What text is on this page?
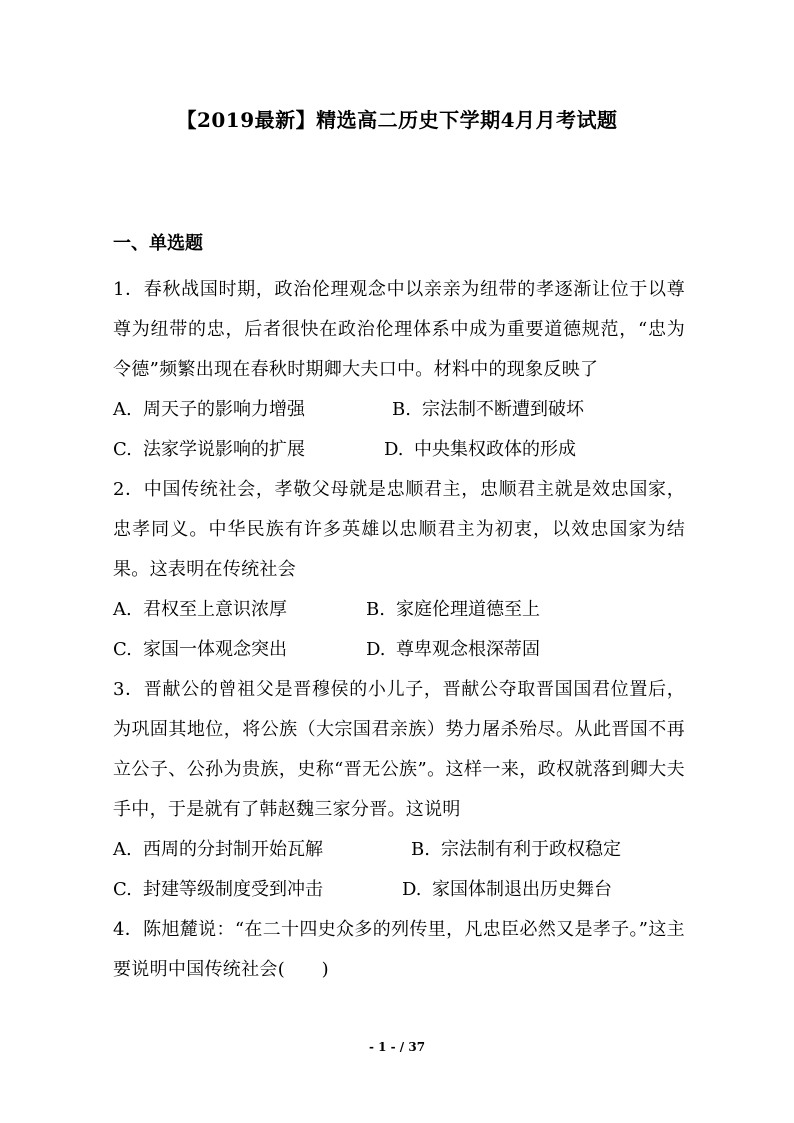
【2019最新】精选高二历史下学期4月月考试题
一、单选题
1．春秋战国时期，政治伦理观念中以亲亲为纽带的孝逐渐让位于以尊尊为纽带的忠，后者很快在政治伦理体系中成为重要道德规范，“忠为令德”频繁出现在春秋时期卿大夫口中。材料中的现象反映了
A. 周天子的影响力增强	B. 宗法制不断遭到破坏
C. 法家学说影响的扩展	D. 中央集权政体的形成
2．中国传统社会，孝敬父母就是忠顺君主，忠顺君主就是效忠国家，忠孝同义。中华民族有许多英雄以忠顺君主为初衷，以效忠国家为结果。这表明在传统社会
A. 君权至上意识浓厚	B. 家庭伦理道德至上
C. 家国一体观念突出	D. 尊卑观念根深蒂固
3．晋献公的曾祖父是晋穆侯的小儿子，晋献公夺取晋国国君位置后，为巩固其地位，将公族（大宗国君亲族）势力屠杀殆尽。从此晋国不再立公子、公孙为贵族，史称“晋无公族”。这样一来，政权就落到卿大夫手中，于是就有了韩赵魏三家分晋。这说明
A. 西周的分封制开始瓦解	B. 宗法制有利于政权稳定
C. 封建等级制度受到冲击	D. 家国体制退出历史舞台
4．陈旭麓说：“在二十四史众多的列传里，凡忠臣必然又是孝子。”这主要说明中国传统社会(　　)
- 1 - / 37
